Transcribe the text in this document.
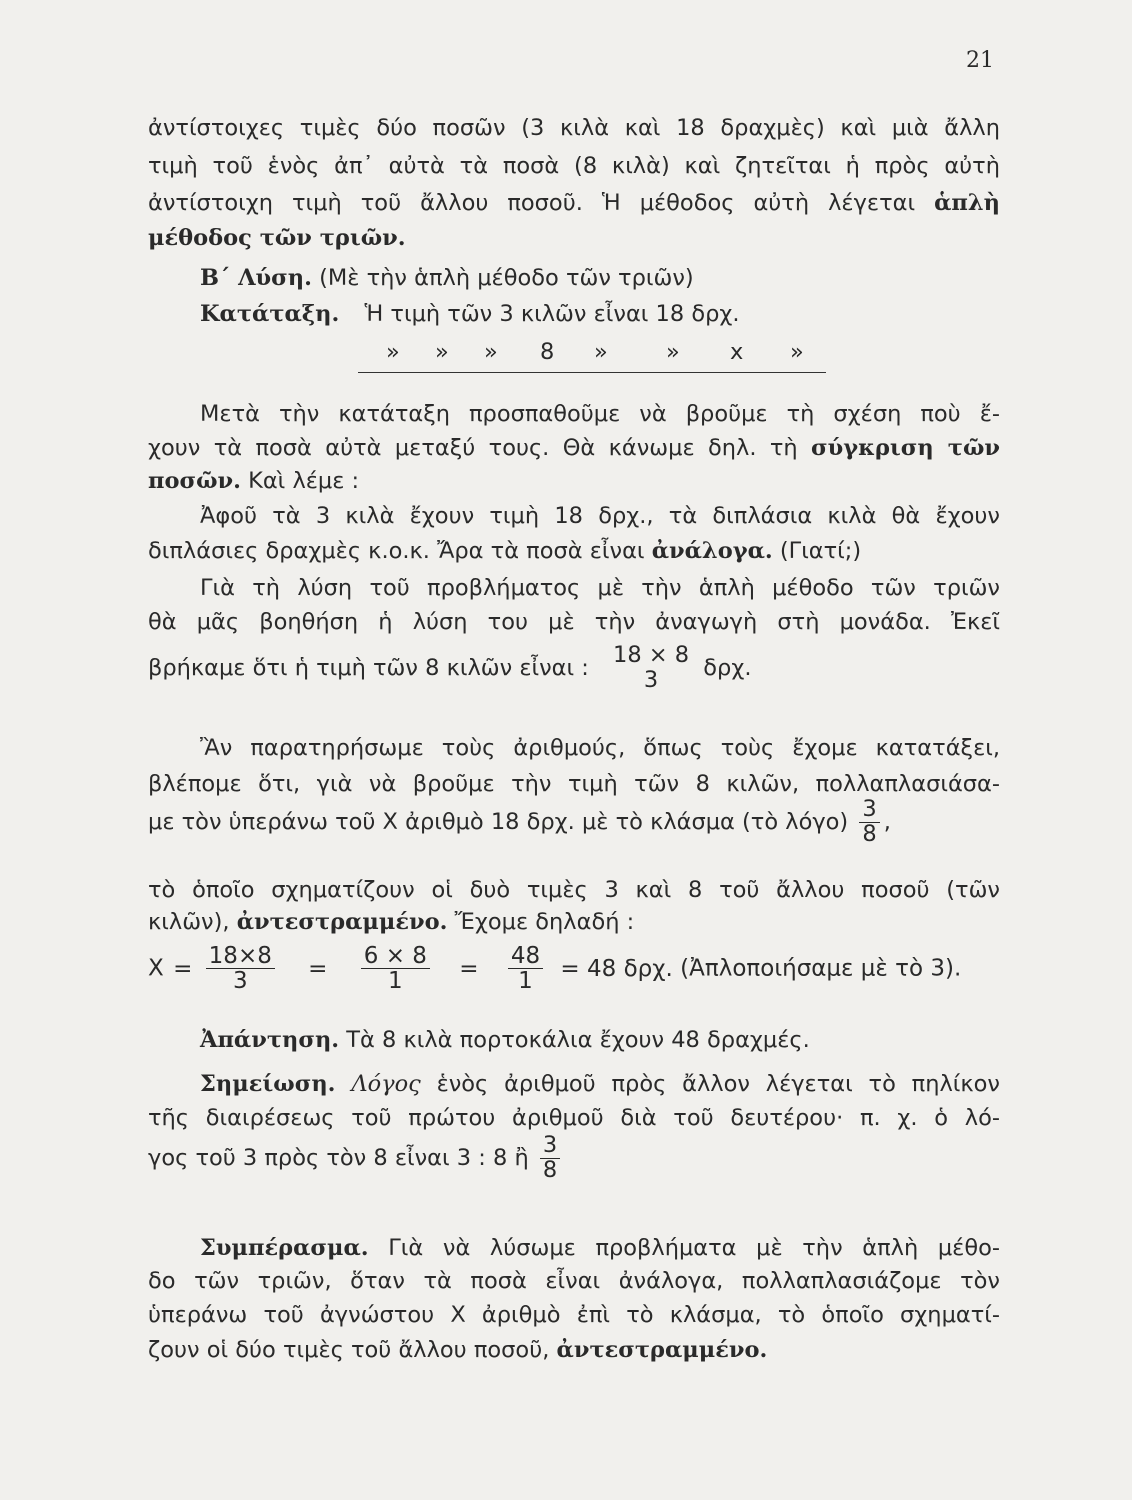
21
ἀντίστοιχες τιμὲς δύο ποσῶν (3 κιλὰ καὶ 18 δραχμὲς) καὶ μιὰ ἄλλη
τιμὴ τοῦ ἑνὸς ἀπ᾽ αὐτὰ τὰ ποσὰ (8 κιλὰ) καὶ ζητεῖται ἡ πρὸς αὐτὴ
ἀντίστοιχη τιμὴ τοῦ ἄλλου ποσοῦ. Ἡ μέθοδος αὐτὴ λέγεται ἁπλὴ
μέθοδος τῶν τριῶν.
Β΄ Λύση. (Μὲ τὴν ἁπλὴ μέθοδο τῶν τριῶν)
Κατάταξη. Ἡ τιμὴ τῶν 3 κιλῶν εἶναι 18 δρχ.
» » » 8 »	» x »
Μετὰ τὴν κατάταξη προσπαθοῦμε νὰ βροῦμε τὴ σχέση ποὺ ἔ-
χουν τὰ ποσὰ αὐτὰ μεταξύ τους. Θὰ κάνωμε δηλ. τὴ σύγκριση τῶν
ποσῶν. Καὶ λέμε :
Ἀφοῦ τὰ 3 κιλὰ ἔχουν τιμὴ 18 δρχ., τὰ διπλάσια κιλὰ θὰ ἔχουν
διπλάσιες δραχμὲς κ.ο.κ. Ἄρα τὰ ποσὰ εἶναι ἀνάλογα. (Γιατί;)
Γιὰ τὴ λύση τοῦ προβλήματος μὲ τὴν ἁπλὴ μέθοδο τῶν τριῶν
θὰ μᾶς βοηθήση ἡ λύση του μὲ τὴν ἀναγωγὴ στὴ μονάδα. Ἐκεῖ
βρήκαμε ὅτι ἡ τιμὴ τῶν 8 κιλῶν εἶναι :
18 × 8
3	δρχ.
Ἂν παρατηρήσωμε τοὺς ἀριθμούς, ὅπως τοὺς ἔχομε κατατάξει,
βλέπομε ὅτι, γιὰ νὰ βροῦμε τὴν τιμὴ τῶν 8 κιλῶν, πολλαπλασιάσα-
με τὸν ὑπεράνω τοῦ Χ ἀριθμὸ 18 δρχ. μὲ τὸ κλάσμα (τὸ $\lambda ό\gamma o) \frac{3}{8}$ ,
τὸ ὁποῖο σχηματίζουν οἱ δυὸ τιμὲς 3 καὶ 8 τοῦ ἄλλου ποσοῦ (τῶν
κιλῶν), ἀντεστραμμένο. Ἔχομε δηλαδή :
$X = \frac{18\times 8}{3} = \frac{6 \times 8}{1} = \frac{48}{1} = 48$ δρχ. (Ἀπλοποιήσαμε μὲ τὸ 3).
Ἀπάντηση. Τὰ 8 κιλὰ πορτοκάλια ἔχουν 48 δραχμές.
Σημείωση. Λόγος ἑνὸς ἀριθμοῦ πρὸς ἄλλον λέγεται τὸ πηλίκον
τῆς διαιρέσεως τοῦ πρώτου ἀριθμοῦ διὰ τοῦ δευτέρου· π. χ. ὁ λό-
γος τοῦ 3 πρὸς τὸν 8 εἶναι 3 : 8 ἢ $\frac{3}{8}$
Συμπέρασμα. Γιὰ νὰ λύσωμε προβλήματα μὲ τὴν ἁπλὴ μέθο-
δο τῶν τριῶν, ὅταν τὰ ποσὰ εἶναι ἀνάλογα, πολλαπλασιάζομε τὸν
ὑπεράνω τοῦ ἀγνώστου Χ ἀριθμὸ ἐπὶ τὸ κλάσμα, τὸ ὁποῖο σχηματί-
ζουν οἱ δύο τιμὲς τοῦ ἄλλου ποσοῦ, ἀντεστραμμένο.
